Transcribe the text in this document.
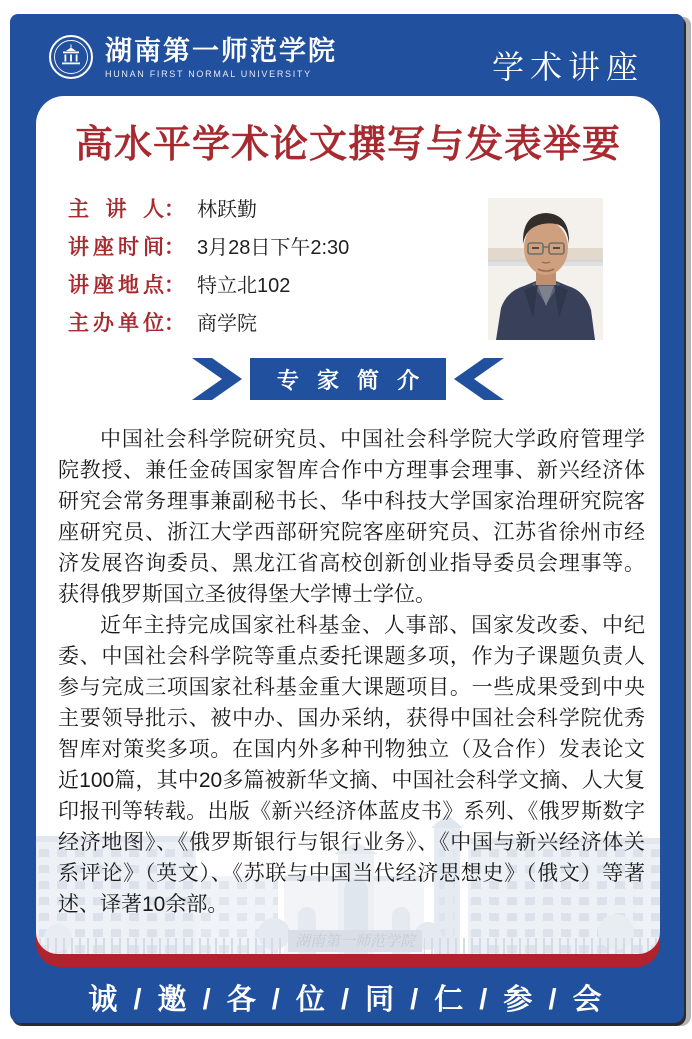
湖南第一师范学院
HUNAN FIRST NORMAL UNIVERSITY	学术讲座
高水平学术论文撰写与发表举要
主 讲 人： 林跃勤
讲座时间： 3月28日下午2:30
讲座地点： 特立北102
主办单位： 商学院
专 家 简 介
湖南第一师范学院

中国社会科学院研究员、中国社会科学院大学政府管理学院教授、兼任金砖国家智库合作中方理事会理事、新兴经济体研究会常务理事兼副秘书长、华中科技大学国家治理研究院客座研究员、浙江大学西部研究院客座研究员、江苏省徐州市经济发展咨询委员、黑龙江省高校创新创业指导委员会理事等。获得俄罗斯国立圣彼得堡大学博士学位。

近年主持完成国家社科基金、人事部、国家发改委、中纪委、中国社会科学院等重点委托课题多项，作为子课题负责人参与完成三项国家社科基金重大课题项目。一些成果受到中央主要领导批示、被中办、国办采纳，获得中国社会科学院优秀智库对策奖多项。在国内外多种刊物独立（及合作）发表论文近100篇，其中20多篇被新华文摘、中国社会科学文摘、人大复印报刊等转载。出版《新兴经济体蓝皮书》系列、《俄罗斯数字经济地图》、《俄罗斯银行与银行业务》、《中国与新兴经济体关系评论》（英文）、《苏联与中国当代经济思想史》（俄文）等著述、译著10余部。

诚 / 邀 / 各 / 位 / 同 / 仁 / 参 / 会
